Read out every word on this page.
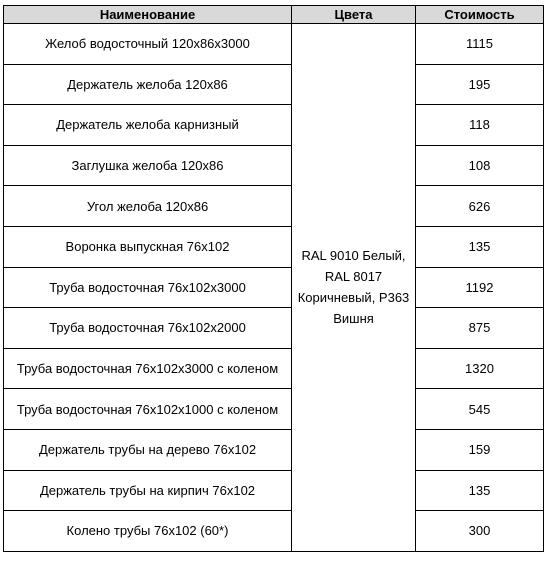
Наименование	Цвета	Стоимость
Желоб водосточный 120х86х3000	RAL 9010 Белый, RAL 8017 Коричневый, Р363 Вишня	1115
Держатель желоба 120х86		195
Держатель желоба карнизный		118
Заглушка желоба 120х86		108
Угол желоба 120х86		626
Воронка выпускная 76х102		135
Труба водосточная 76х102х3000		1192
Труба водосточная 76х102х2000		875
Труба водосточная 76х102х3000 с коленом		1320
Труба водосточная 76х102х1000 с коленом		545
Держатель трубы на дерево 76х102		159
Держатель трубы на кирпич 76х102		135
Колено трубы 76х102 (60*)		300
